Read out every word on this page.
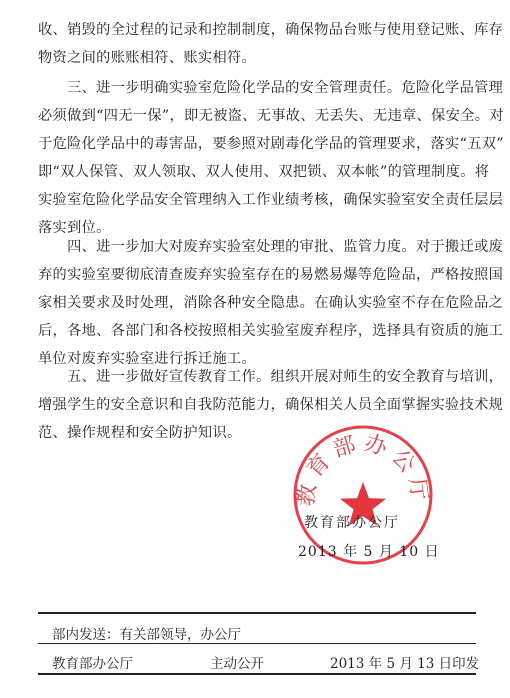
收、销毁的全过程的记录和控制制度，确保物品台账与使用登记账、库存
物资之间的账账相符、账实相符。
　　三、进一步明确实验室危险化学品的安全管理责任。危险化学品管理
必须做到“四无一保”，即无被盗、无事故、无丢失、无违章、保安全。对
于危险化学品中的毒害品，要参照对剧毒化学品的管理要求，落实“五双”
即“双人保管、双人领取、双人使用、双把锁、双本帐”的管理制度。将
实验室危险化学品安全管理纳入工作业绩考核，确保实验室安全责任层层
落实到位。
　　四、进一步加大对废弃实验室处理的审批、监管力度。对于搬迁或废
弃的实验室要彻底清查废弃实验室存在的易燃易爆等危险品，严格按照国
家相关要求及时处理，消除各种安全隐患。在确认实验室不存在危险品之
后，各地、各部门和各校按照相关实验室废弃程序，选择具有资质的施工
单位对废弃实验室进行拆迁施工。
　　五、进一步做好宣传教育工作。组织开展对师生的安全教育与培训，
增强学生的安全意识和自我防范能力，确保相关人员全面掌握实验技术规
范、操作规程和安全防护知识。
教育部办公厅
教育部办公厅
2013 年 5 月 10 日
部内发送：有关部领导，办公厅
教育部办公厅	主动公开	2013 年 5 月 13 日印发
